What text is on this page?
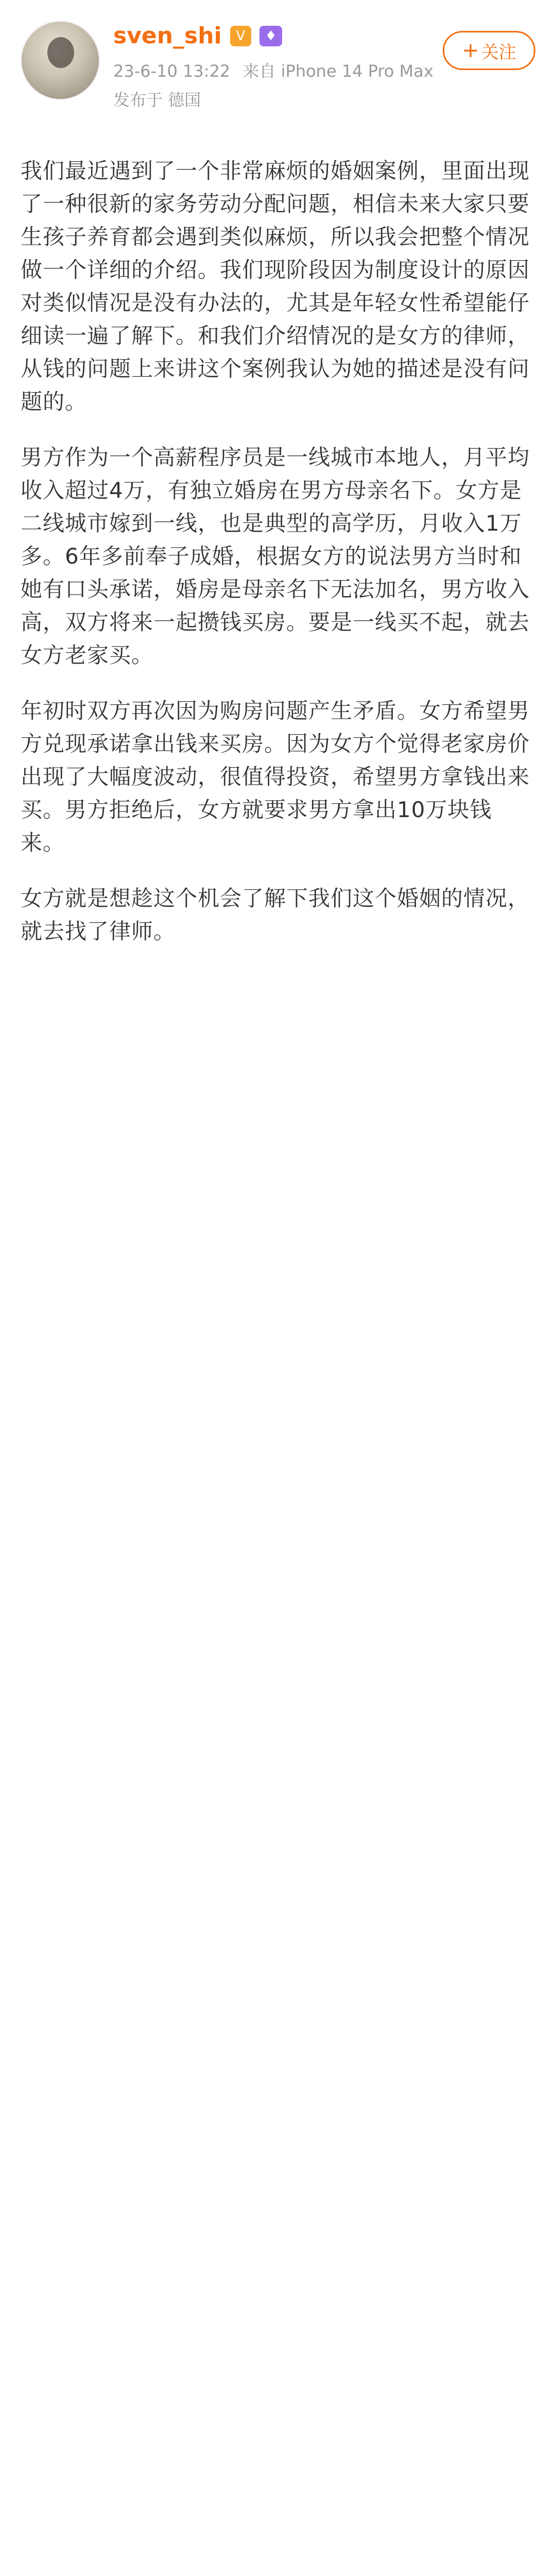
sven_shi	V	♦
23-6-10 13:22 来自 iPhone 14 Pro Max
发布于 德国
+ 关注

我们最近遇到了一个非常麻烦的婚姻案例，里面出现了一种很新的家务劳动分配问题，相信未来大家只要生孩子养育都会遇到类似麻烦，所以我会把整个情况做一个详细的介绍。我们现阶段因为制度设计的原因对类似情况是没有办法的，尤其是年轻女性希望能仔细读一遍了解下。和我们介绍情况的是女方的律师，从钱的问题上来讲这个案例我认为她的描述是没有问题的。

男方作为一个高薪程序员是一线城市本地人，月平均收入超过4万，有独立婚房在男方母亲名下。女方是二线城市嫁到一线，也是典型的高学历，月收入1万多。6年多前奉子成婚，根据女方的说法男方当时和她有口头承诺，婚房是母亲名下无法加名，男方收入高，双方将来一起攒钱买房。要是一线买不起，就去女方老家买。

年初时双方再次因为购房问题产生矛盾。女方希望男方兑现承诺拿出钱来买房。因为女方个觉得老家房价出现了大幅度波动，很值得投资，希望男方拿钱出来买。男方拒绝后，女方就要求男方拿出10万块钱来。

女方就是想趁这个机会了解下我们这个婚姻的情况，就去找了律师。
